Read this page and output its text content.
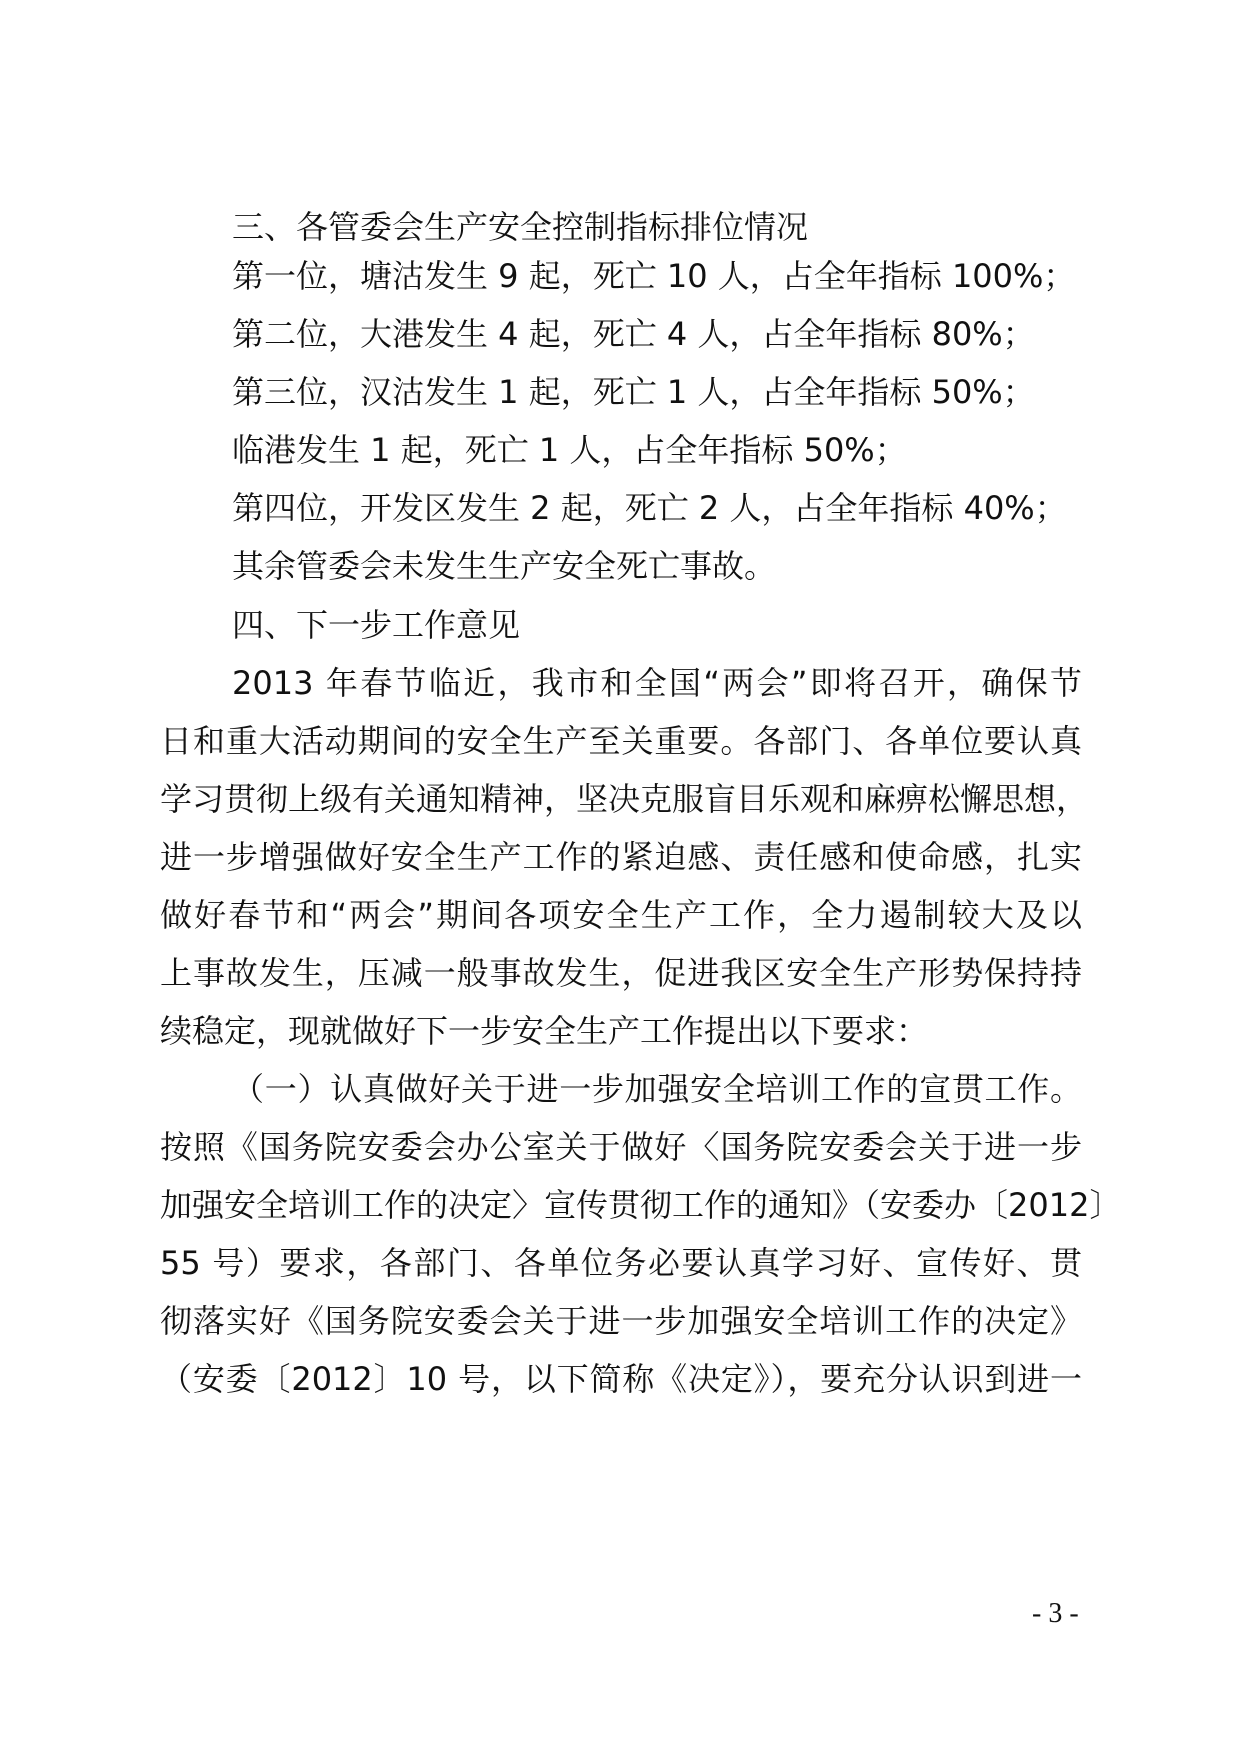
三、各管委会生产安全控制指标排位情况
第一位，塘沽发生 9 起，死亡 10 人，占全年指标 100%；
第二位，大港发生 4 起，死亡 4 人，占全年指标 80%；
第三位，汉沽发生 1 起，死亡 1 人，占全年指标 50%；
临港发生 1 起，死亡 1 人，占全年指标 50%；
第四位，开发区发生 2 起，死亡 2 人，占全年指标 40%；
其余管委会未发生生产安全死亡事故。
四、下一步工作意见
2013 年春节临近，我市和全国“两会”即将召开，确保节
日和重大活动期间的安全生产至关重要。各部门、各单位要认真
学习贯彻上级有关通知精神，坚决克服盲目乐观和麻痹松懈思想，
进一步增强做好安全生产工作的紧迫感、责任感和使命感，扎实
做好春节和“两会”期间各项安全生产工作，全力遏制较大及以
上事故发生，压减一般事故发生，促进我区安全生产形势保持持
续稳定，现就做好下一步安全生产工作提出以下要求：
（一）认真做好关于进一步加强安全培训工作的宣贯工作。
按照《国务院安委会办公室关于做好〈国务院安委会关于进一步
加强安全培训工作的决定〉宣传贯彻工作的通知》（安委办〔2012〕
55 号）要求，各部门、各单位务必要认真学习好、宣传好、贯
彻落实好《国务院安委会关于进一步加强安全培训工作的决定》
（安委〔2012〕10 号，以下简称《决定》），要充分认识到进一
- 3 -
